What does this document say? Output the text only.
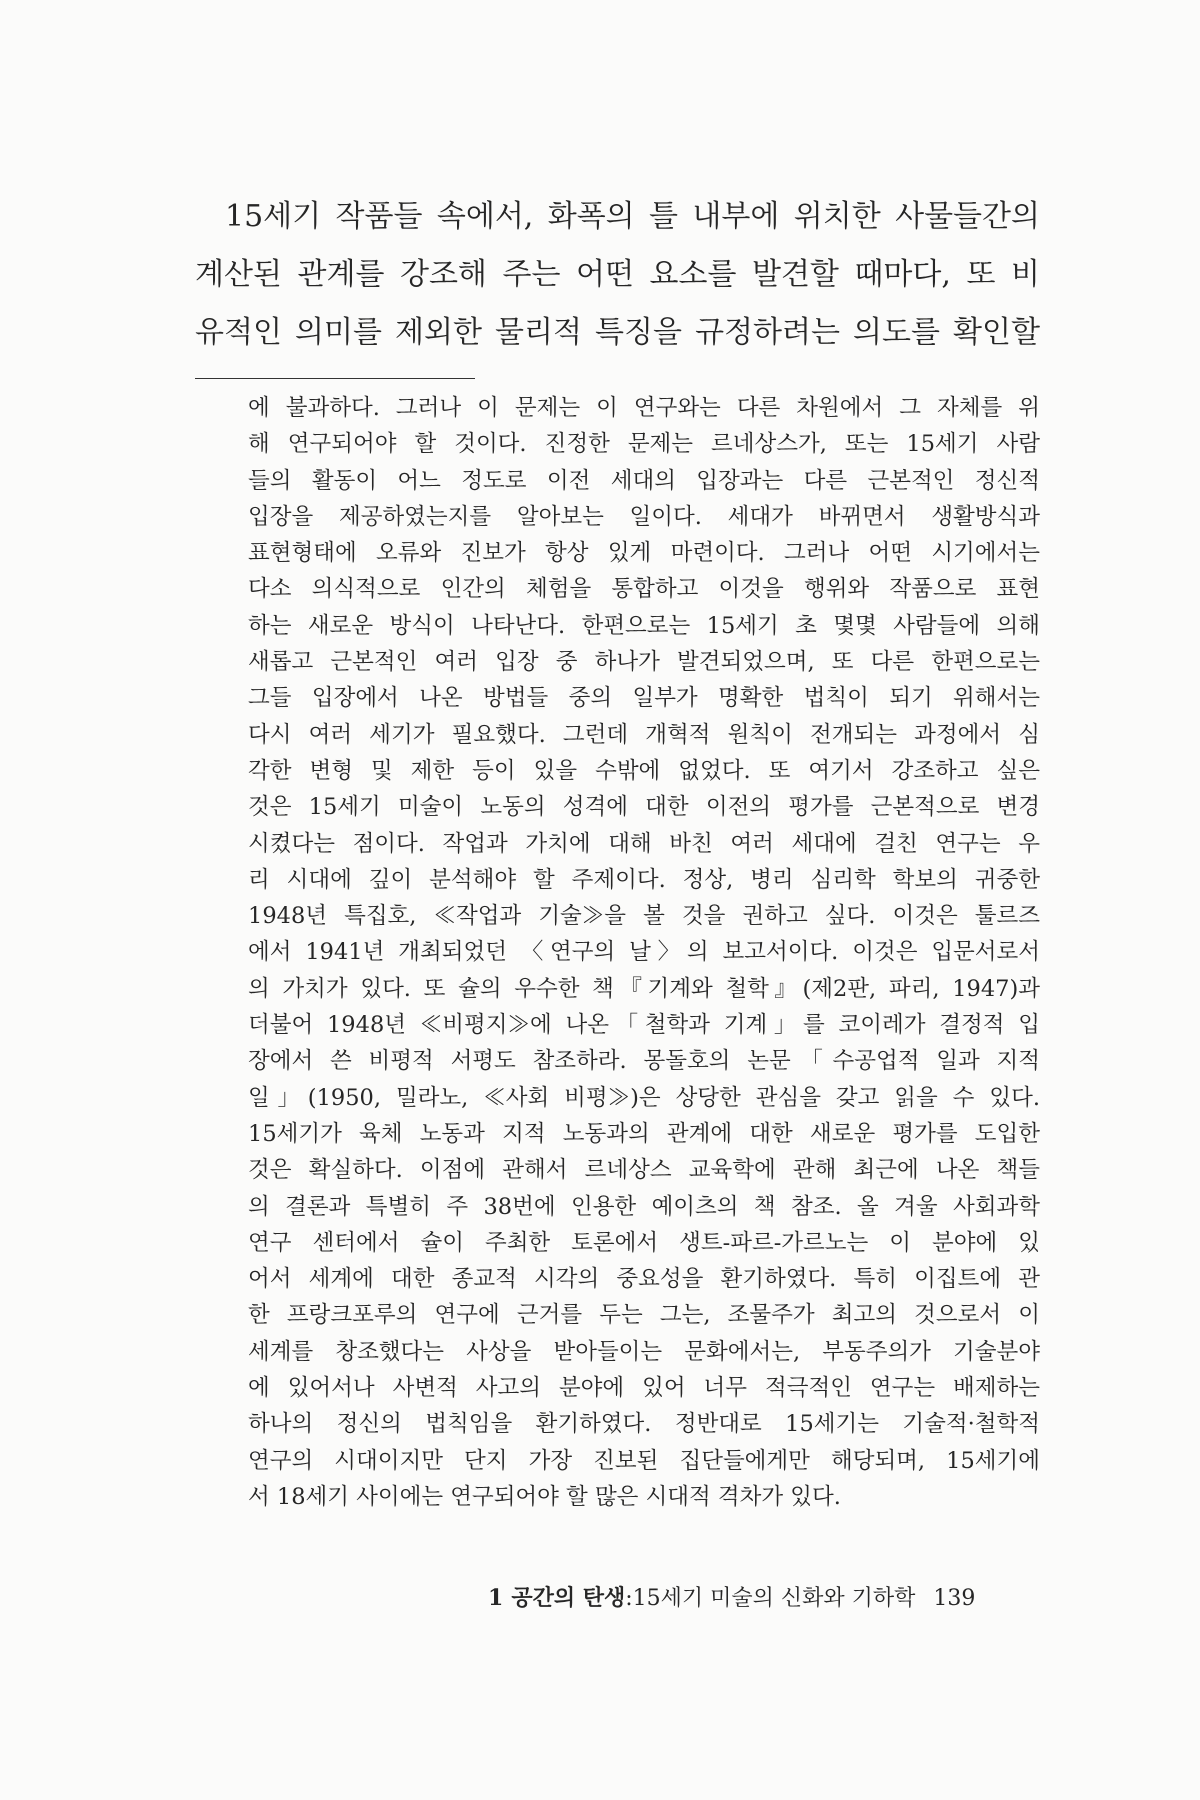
15세기 작품들 속에서, 화폭의 틀 내부에 위치한 사물들간의
계산된 관계를 강조해 주는 어떤 요소를 발견할 때마다, 또 비
유적인 의미를 제외한 물리적 특징을 규정하려는 의도를 확인할
에 불과하다. 그러나 이 문제는 이 연구와는 다른 차원에서 그 자체를 위
해 연구되어야 할 것이다. 진정한 문제는 르네상스가, 또는 15세기 사람
들의 활동이 어느 정도로 이전 세대의 입장과는 다른 근본적인 정신적
입장을 제공하였는지를 알아보는 일이다. 세대가 바뀌면서 생활방식과
표현형태에 오류와 진보가 항상 있게 마련이다. 그러나 어떤 시기에서는
다소 의식적으로 인간의 체험을 통합하고 이것을 행위와 작품으로 표현
하는 새로운 방식이 나타난다. 한편으로는 15세기 초 몇몇 사람들에 의해
새롭고 근본적인 여러 입장 중 하나가 발견되었으며, 또 다른 한편으로는
그들 입장에서 나온 방법들 중의 일부가 명확한 법칙이 되기 위해서는
다시 여러 세기가 필요했다. 그런데 개혁적 원칙이 전개되는 과정에서 심
각한 변형 및 제한 등이 있을 수밖에 없었다. 또 여기서 강조하고 싶은
것은 15세기 미술이 노동의 성격에 대한 이전의 평가를 근본적으로 변경
시켰다는 점이다. 작업과 가치에 대해 바친 여러 세대에 걸친 연구는 우
리 시대에 깊이 분석해야 할 주제이다. 정상, 병리 심리학 학보의 귀중한
1948년 특집호, ≪작업과 기술≫을 볼 것을 권하고 싶다. 이것은 툴르즈
에서 1941년 개최되었던 〈연구의 날〉의 보고서이다. 이것은 입문서로서
의 가치가 있다. 또 슐의 우수한 책『기계와 철학』(제2판, 파리, 1947)과
더불어 1948년 ≪비평지≫에 나온「철학과 기계」를 코이레가 결정적 입
장에서 쓴 비평적 서평도 참조하라. 몽돌호의 논문「수공업적 일과 지적
일」(1950, 밀라노, ≪사회 비평≫)은 상당한 관심을 갖고 읽을 수 있다.
15세기가 육체 노동과 지적 노동과의 관계에 대한 새로운 평가를 도입한
것은 확실하다. 이점에 관해서 르네상스 교육학에 관해 최근에 나온 책들
의 결론과 특별히 주 38번에 인용한 예이츠의 책 참조. 올 겨울 사회과학
연구 센터에서 슐이 주최한 토론에서 생트-파르-가르노는 이 분야에 있
어서 세계에 대한 종교적 시각의 중요성을 환기하였다. 특히 이집트에 관
한 프랑크포루의 연구에 근거를 두는 그는, 조물주가 최고의 것으로서 이
세계를 창조했다는 사상을 받아들이는 문화에서는, 부동주의가 기술분야
에 있어서나 사변적 사고의 분야에 있어 너무 적극적인 연구는 배제하는
하나의 정신의 법칙임을 환기하였다. 정반대로 15세기는 기술적·철학적
연구의 시대이지만 단지 가장 진보된 집단들에게만 해당되며, 15세기에
서 18세기 사이에는 연구되어야 할 많은 시대적 격차가 있다.
1 공간의 탄생:15세기 미술의 신화와 기하학 139
